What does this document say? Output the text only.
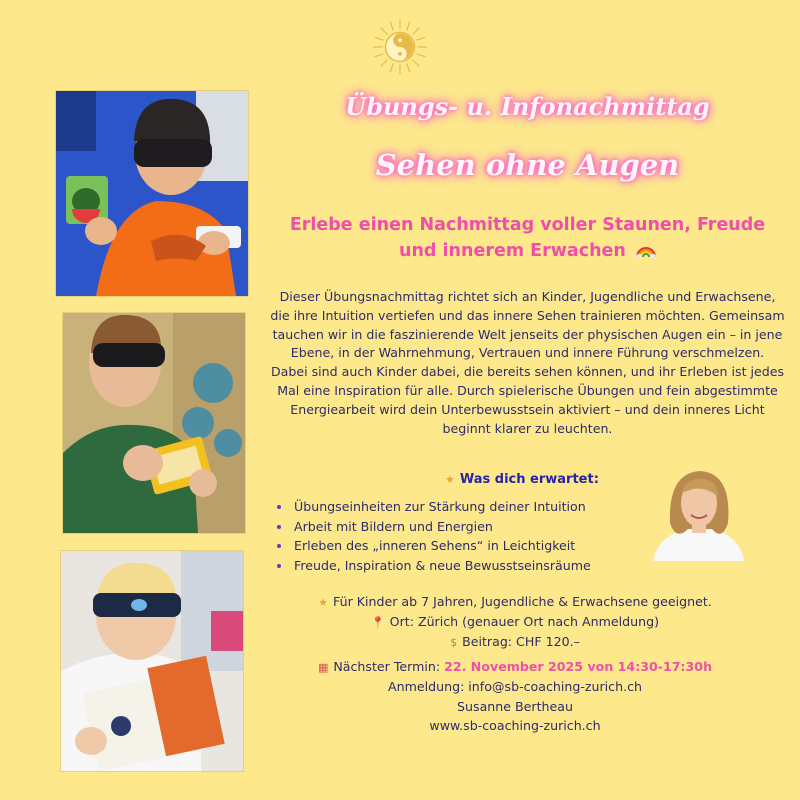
Übungs- u. Infonachmittag
Sehen ohne Augen
Erlebe einen Nachmittag voller Staunen, Freude
und innerem Erwachen

Dieser Übungsnachmittag richtet sich an Kinder, Jugendliche und Erwachsene, die ihre Intuition vertiefen und das innere Sehen trainieren möchten. Gemeinsam tauchen wir in die faszinierende Welt jenseits der physischen Augen ein – in jene Ebene, in der Wahrnehmung, Vertrauen und innere Führung verschmelzen.

Dabei sind auch Kinder dabei, die bereits sehen können, und ihr Erleben ist jedes Mal eine Inspiration für alle. Durch spielerische Übungen und fein abgestimmte Energiearbeit wird dein Unterbewusstsein aktiviert – und dein inneres Licht beginnt klarer zu leuchten.

★ Was dich erwartet:
• Übungseinheiten zur Stärkung deiner Intuition
• Arbeit mit Bildern und Energien
• Erleben des „inneren Sehens“ in Leichtigkeit
• Freude, Inspiration & neue Bewusstseinsräume
★ Für Kinder ab 7 Jahren, Jugendliche & Erwachsene geeignet.
📍 Ort: Zürich (genauer Ort nach Anmeldung)
$ Beitrag: CHF 120.–
▦ Nächster Termin: 22. November 2025 von 14:30-17:30h
Anmeldung: info@sb-coaching-zurich.ch
Susanne Bertheau
www.sb-coaching-zurich.ch
